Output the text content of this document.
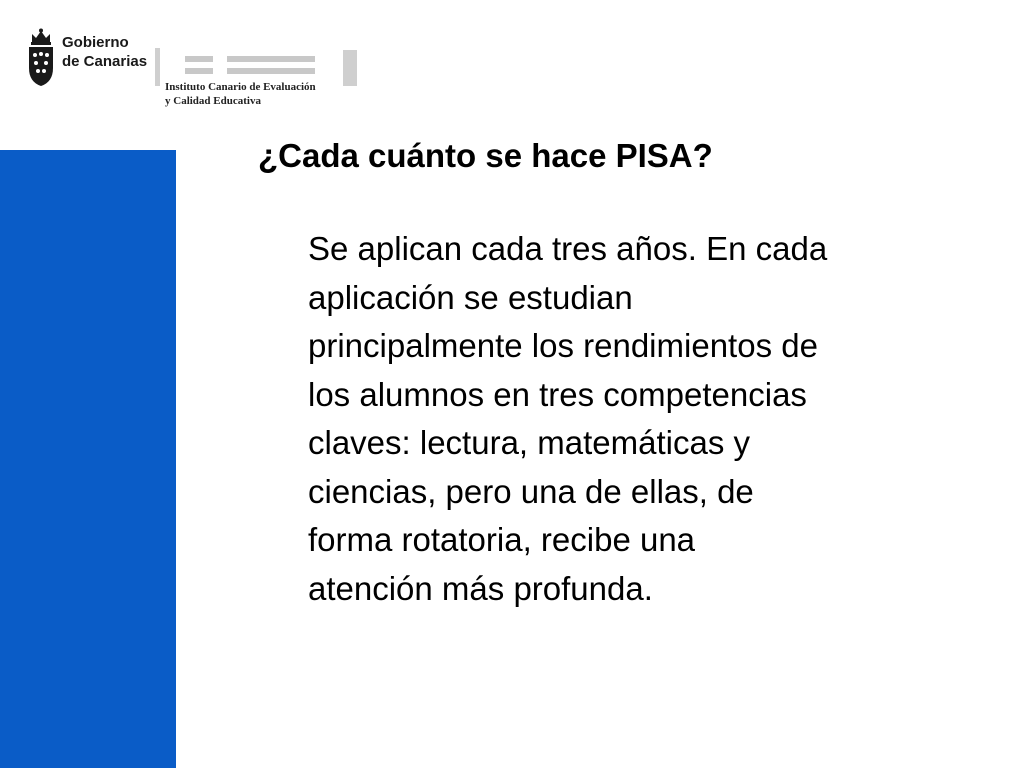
Gobierno
de Canarias
Instituto Canario de Evaluación
y Calidad Educativa
¿Cada cuánto se hace PISA?
Se aplican cada tres años. En cada
aplicación se estudian
principalmente los rendimientos de
los alumnos en tres competencias
claves: lectura, matemáticas y
ciencias, pero una de ellas, de
forma rotatoria, recibe una
atención más profunda.
